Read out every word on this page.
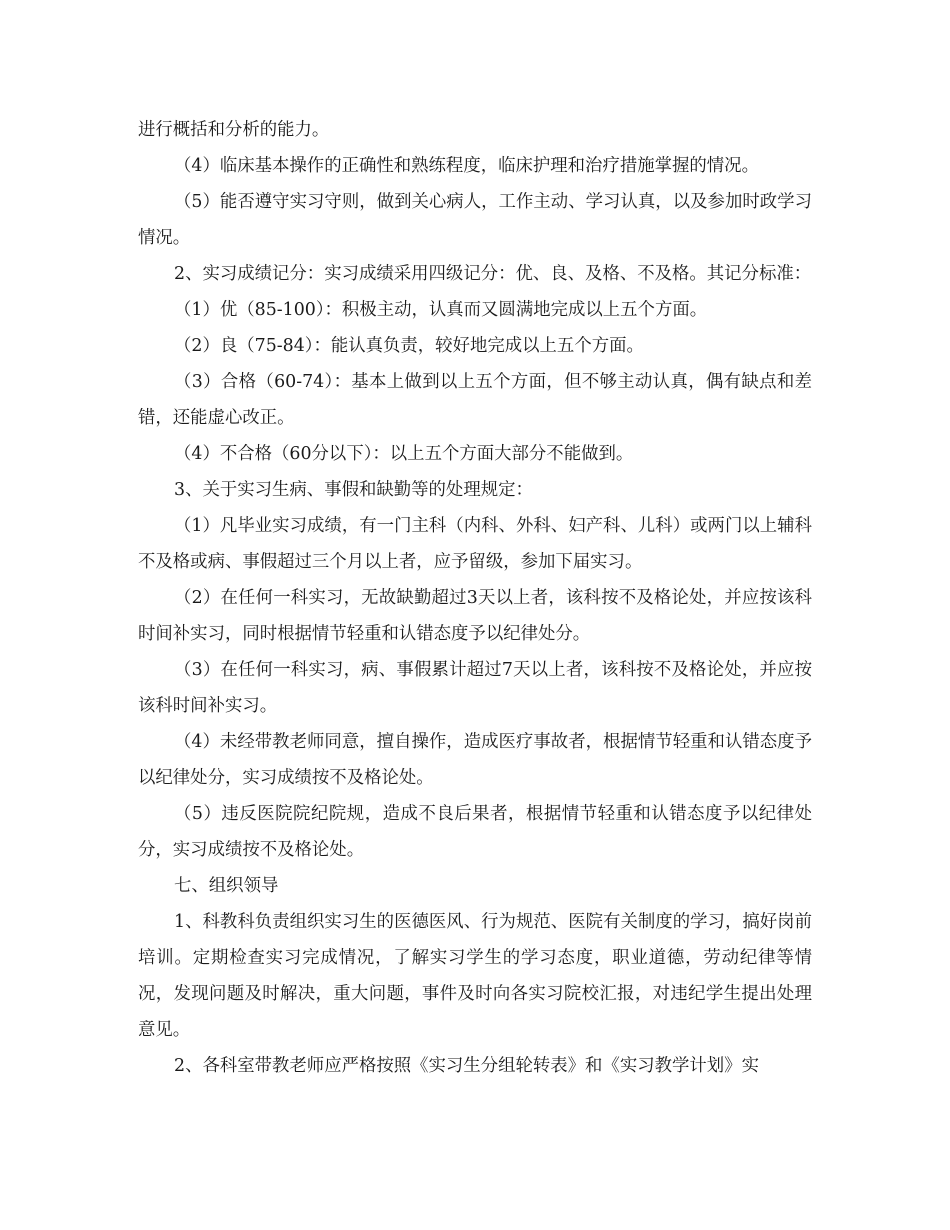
进行概括和分析的能力。

（4）临床基本操作的正确性和熟练程度，临床护理和治疗措施掌握的情况。

（5）能否遵守实习守则，做到关心病人，工作主动、学习认真，以及参加时政学习情况。

2、实习成绩记分：实习成绩采用四级记分：优、良、及格、不及格。其记分标准：

（1）优（85-100）：积极主动，认真而又圆满地完成以上五个方面。

（2）良（75-84）：能认真负责，较好地完成以上五个方面。

（3）合格（60-74）：基本上做到以上五个方面，但不够主动认真，偶有缺点和差错，还能虚心改正。

（4）不合格（60分以下）：以上五个方面大部分不能做到。

3、关于实习生病、事假和缺勤等的处理规定：

（1）凡毕业实习成绩，有一门主科（内科、外科、妇产科、儿科）或两门以上辅科不及格或病、事假超过三个月以上者，应予留级，参加下届实习。

（2）在任何一科实习，无故缺勤超过3天以上者，该科按不及格论处，并应按该科时间补实习，同时根据情节轻重和认错态度予以纪律处分。

（3）在任何一科实习，病、事假累计超过7天以上者，该科按不及格论处，并应按该科时间补实习。

（4）未经带教老师同意，擅自操作，造成医疗事故者，根据情节轻重和认错态度予以纪律处分，实习成绩按不及格论处。

（5）违反医院院纪院规，造成不良后果者，根据情节轻重和认错态度予以纪律处分，实习成绩按不及格论处。

七、组织领导

1、科教科负责组织实习生的医德医风、行为规范、医院有关制度的学习，搞好岗前培训。定期检查实习完成情况，了解实习学生的学习态度，职业道德，劳动纪律等情况，发现问题及时解决，重大问题，事件及时向各实习院校汇报，对违纪学生提出处理意见。

2、各科室带教老师应严格按照《实习生分组轮转表》和《实习教学计划》实
